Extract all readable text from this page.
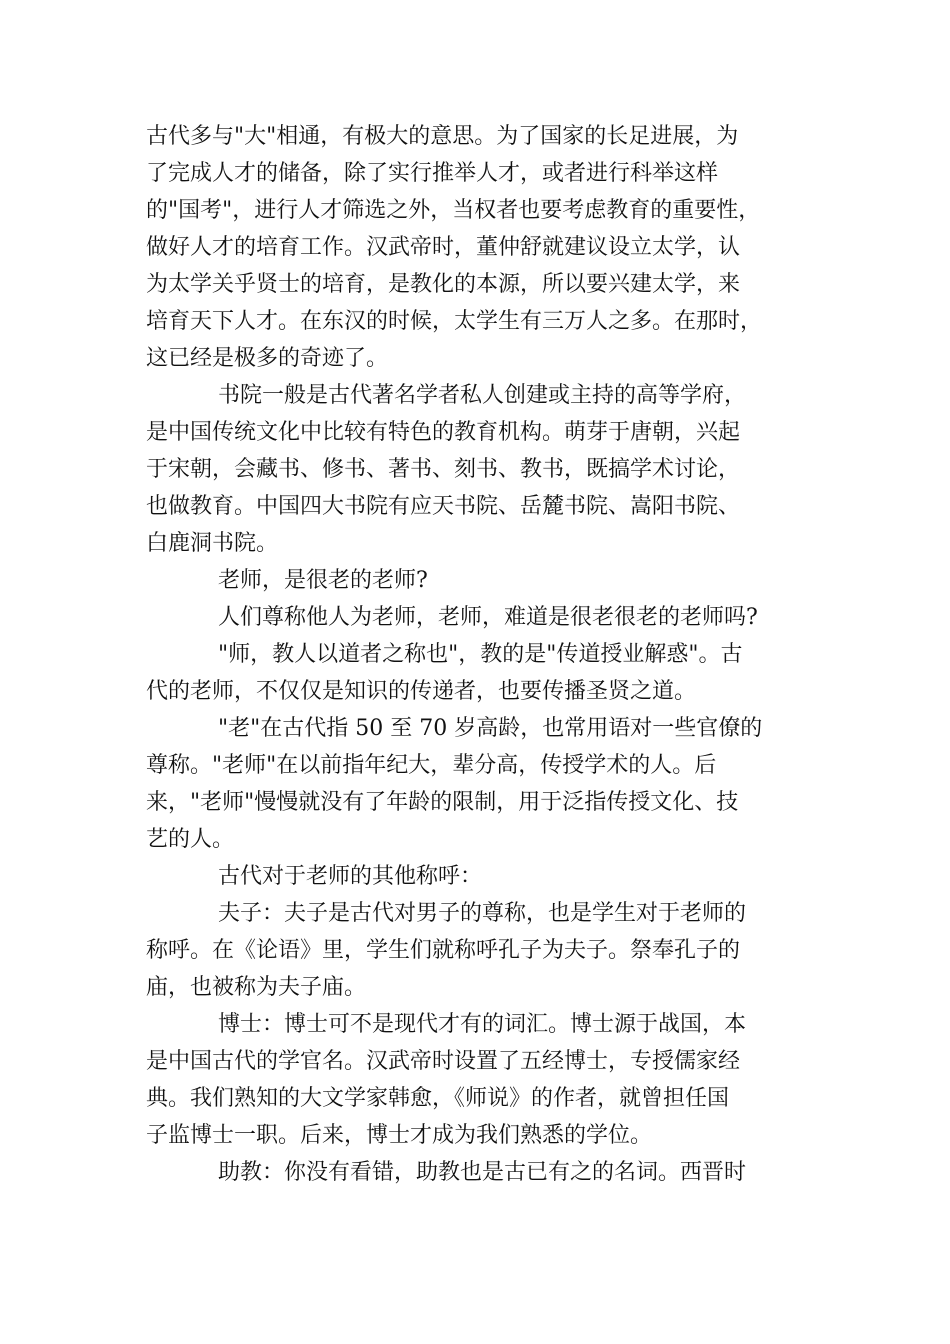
古代多与"大"相通，有极大的意思。为了国家的长足进展，为
了完成人才的储备，除了实行推举人才，或者进行科举这样
的"国考"，进行人才筛选之外，当权者也要考虑教育的重要性，
做好人才的培育工作。汉武帝时，董仲舒就建议设立太学，认
为太学关乎贤士的培育，是教化的本源，所以要兴建太学，来
培育天下人才。在东汉的时候，太学生有三万人之多。在那时，
这已经是极多的奇迹了。
书院一般是古代著名学者私人创建或主持的高等学府，
是中国传统文化中比较有特色的教育机构。萌芽于唐朝，兴起
于宋朝，会藏书、修书、著书、刻书、教书，既搞学术讨论，
也做教育。中国四大书院有应天书院、岳麓书院、嵩阳书院、
白鹿洞书院。
老师，是很老的老师?
人们尊称他人为老师，老师，难道是很老很老的老师吗?
"师，教人以道者之称也"，教的是"传道授业解惑"。古
代的老师，不仅仅是知识的传递者，也要传播圣贤之道。
"老"在古代指 50 至 70 岁高龄，也常用语对一些官僚的
尊称。"老师"在以前指年纪大，辈分高，传授学术的人。后
来，"老师"慢慢就没有了年龄的限制，用于泛指传授文化、技
艺的人。
古代对于老师的其他称呼：
夫子：夫子是古代对男子的尊称，也是学生对于老师的
称呼。在《论语》里，学生们就称呼孔子为夫子。祭奉孔子的
庙，也被称为夫子庙。
博士：博士可不是现代才有的词汇。博士源于战国，本
是中国古代的学官名。汉武帝时设置了五经博士，专授儒家经
典。我们熟知的大文学家韩愈，《师说》的作者，就曾担任国
子监博士一职。后来，博士才成为我们熟悉的学位。
助教：你没有看错，助教也是古已有之的名词。西晋时
